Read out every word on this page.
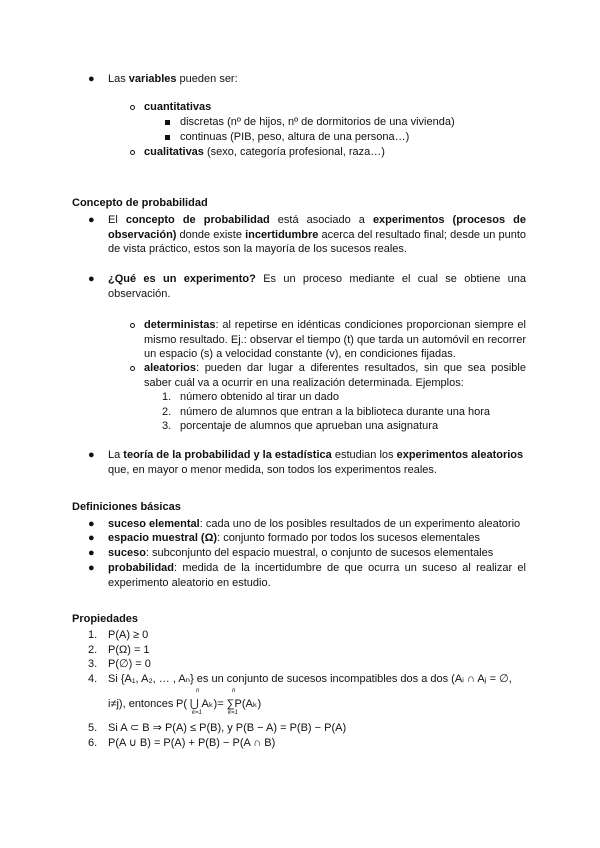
● Las variables pueden ser:

cuantitativas

discretas (nº de hijos, nº de dormitorios de una vivienda)

continuas (PIB, peso, altura de una persona…)

cualitativas (sexo, categoría profesional, raza…)

Concepto de probabilidad

● El concepto de probabilidad está asociado a experimentos (procesos de observación) donde existe incertidumbre acerca del resultado final; desde un punto de vista práctico, estos son la mayoría de los sucesos reales.

● ¿Qué es un experimento? Es un proceso mediante el cual se obtiene una observación.

deterministas: al repetirse en idénticas condiciones proporcionan siempre el mismo resultado. Ej.: observar el tiempo (t) que tarda un automóvil en recorrer un espacio (s) a velocidad constante (v), en condiciones fijadas.

aleatorios: pueden dar lugar a diferentes resultados, sin que sea posible saber cuál va a ocurrir en una realización determinada. Ejemplos:

1. número obtenido al tirar un dado

2. número de alumnos que entran a la biblioteca durante una hora

3. porcentaje de alumnos que aprueban una asignatura

● La teoría de la probabilidad y la estadística estudian los experimentos aleatorios que, en mayor o menor medida, son todos los experimentos reales.

Definiciones básicas

● suceso elemental: cada uno de los posibles resultados de un experimento aleatorio

● espacio muestral (Ω): conjunto formado por todos los sucesos elementales

● suceso: subconjunto del espacio muestral, o conjunto de sucesos elementales

● probabilidad: medida de la incertidumbre de que ocurra un suceso al realizar el experimento aleatorio en estudio.

Propiedades

1. P(A) ≥ 0

2. P(Ω) = 1

3. P(∅) = 0

4. Si {A₁, A₂, … , Aₙ} es un conjunto de sucesos incompatibles dos a dos (Aᵢ ∩ Aⱼ = ∅,

i≠j), entonces P( ⋃ Aₖ)= ∑P(Aₖ)

n
k=1
n
k=1

5. Si A ⊂ B ⇒ P(A) ≤ P(B), y P(B − A) = P(B) − P(A)

6. P(A ∪ B) = P(A) + P(B) − P(A ∩ B)
